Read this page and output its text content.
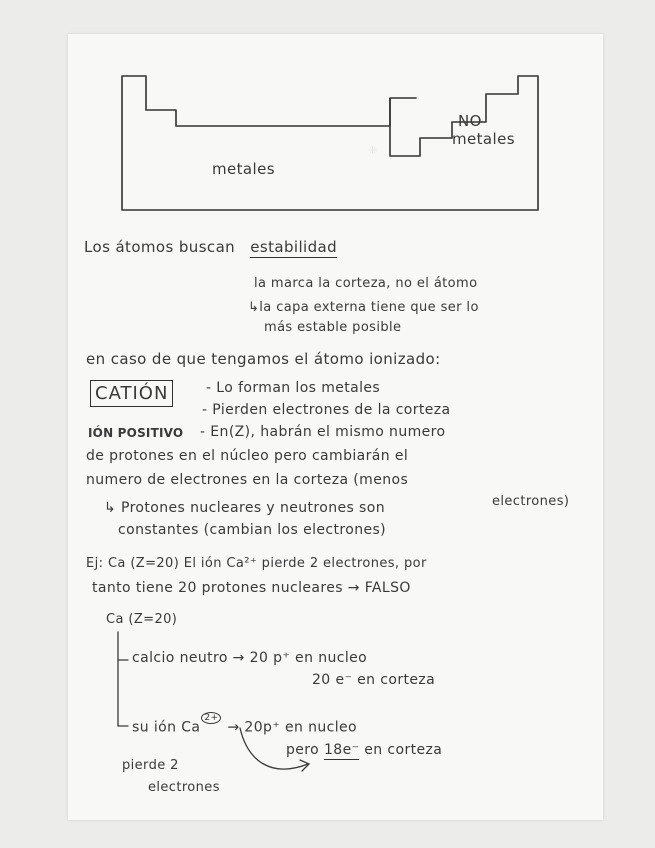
⁜
NO
metales
metales
Los átomos buscan estabilidad
la marca la corteza, no el átomo
↳la capa externa tiene que ser lo
más estable posible
en caso de que tengamos el átomo ionizado:
CATIÓN	- Lo forman los metales
- Pierden electrones de la corteza
IÓN POSITIVO - En(Z), habrán el mismo numero
de protones en el núcleo pero cambiarán el
numero de electrones en la corteza (menos
electrones)
↳ Protones nucleares y neutrones son
constantes (cambian los electrones)
Ej: Ca (Z=20) El ión Ca²⁺ pierde 2 electrones, por
tanto tiene 20 protones nucleares → FALSO
Ca (Z=20)
calcio neutro → 20 p⁺ en nucleo
20 e⁻ en corteza
su ión $Ca^{2+}\to 20p^+$ en nucleo
pero 18e⁻ en corteza
pierde 2
electrones
